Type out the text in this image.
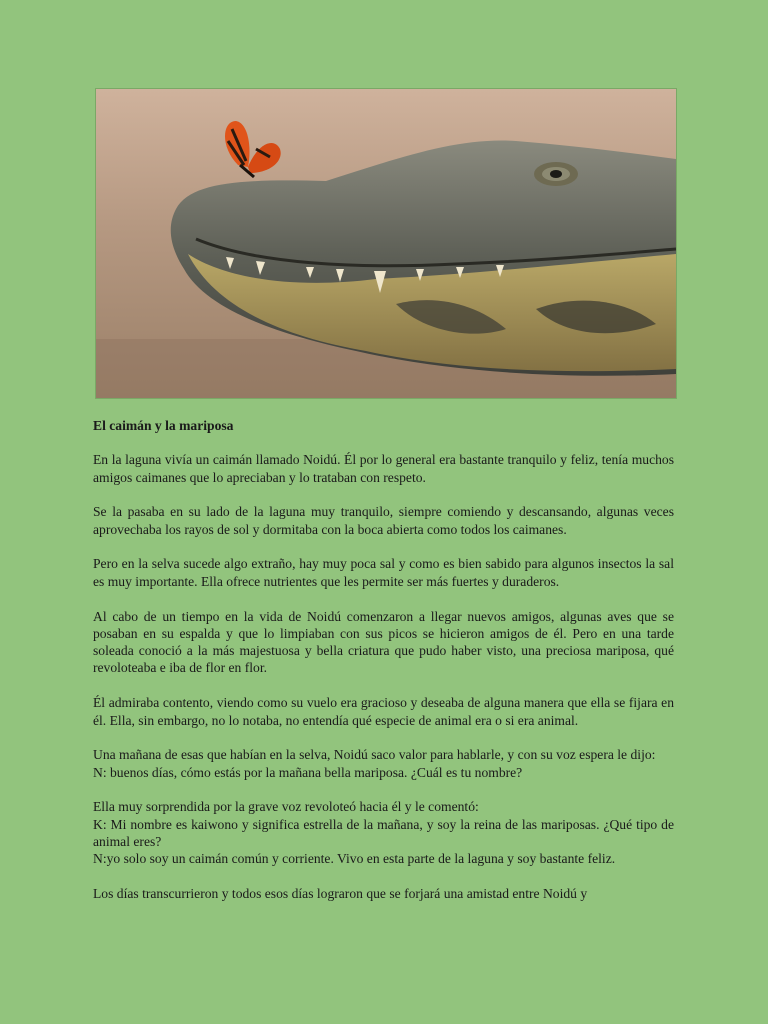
El caimán y la mariposa

En la laguna vivía un caimán llamado Noidú. Él por lo general era bastante tranquilo y feliz, tenía muchos amigos caimanes que lo apreciaban y lo trataban con respeto.

Se la pasaba en su lado de la laguna muy tranquilo, siempre comiendo y descansando, algunas veces aprovechaba los rayos de sol y dormitaba con la boca abierta como todos los caimanes.

Pero en la selva sucede algo extraño, hay muy poca sal y como es bien sabido para algunos insectos la sal es muy importante. Ella ofrece nutrientes que les permite ser más fuertes y duraderos.

Al cabo de un tiempo en la vida de Noidú comenzaron a llegar nuevos amigos, algunas aves que se posaban en su espalda y que lo limpiaban con sus picos se hicieron amigos de él. Pero en una tarde soleada conoció a la más majestuosa y bella criatura que pudo haber visto, una preciosa mariposa, qué revoloteaba e iba de flor en flor.

Él admiraba contento, viendo como su vuelo era gracioso y deseaba de alguna manera que ella se fijara en él. Ella, sin embargo, no lo notaba, no entendía qué especie de animal era o si era animal.

Una mañana de esas que habían en la selva, Noidú saco valor para hablarle, y con su voz espera le dijo:
N: buenos días, cómo estás por la mañana bella mariposa. ¿Cuál es tu nombre?

Ella muy sorprendida por la grave voz revoloteó hacia él y le comentó:
K: Mi nombre es kaiwono y significa estrella de la mañana, y soy la reina de las mariposas. ¿Qué tipo de animal eres?
N:yo solo soy un caimán común y corriente. Vivo en esta parte de la laguna y soy bastante feliz.

Los días transcurrieron y todos esos días lograron que se forjará una amistad entre Noidú y
